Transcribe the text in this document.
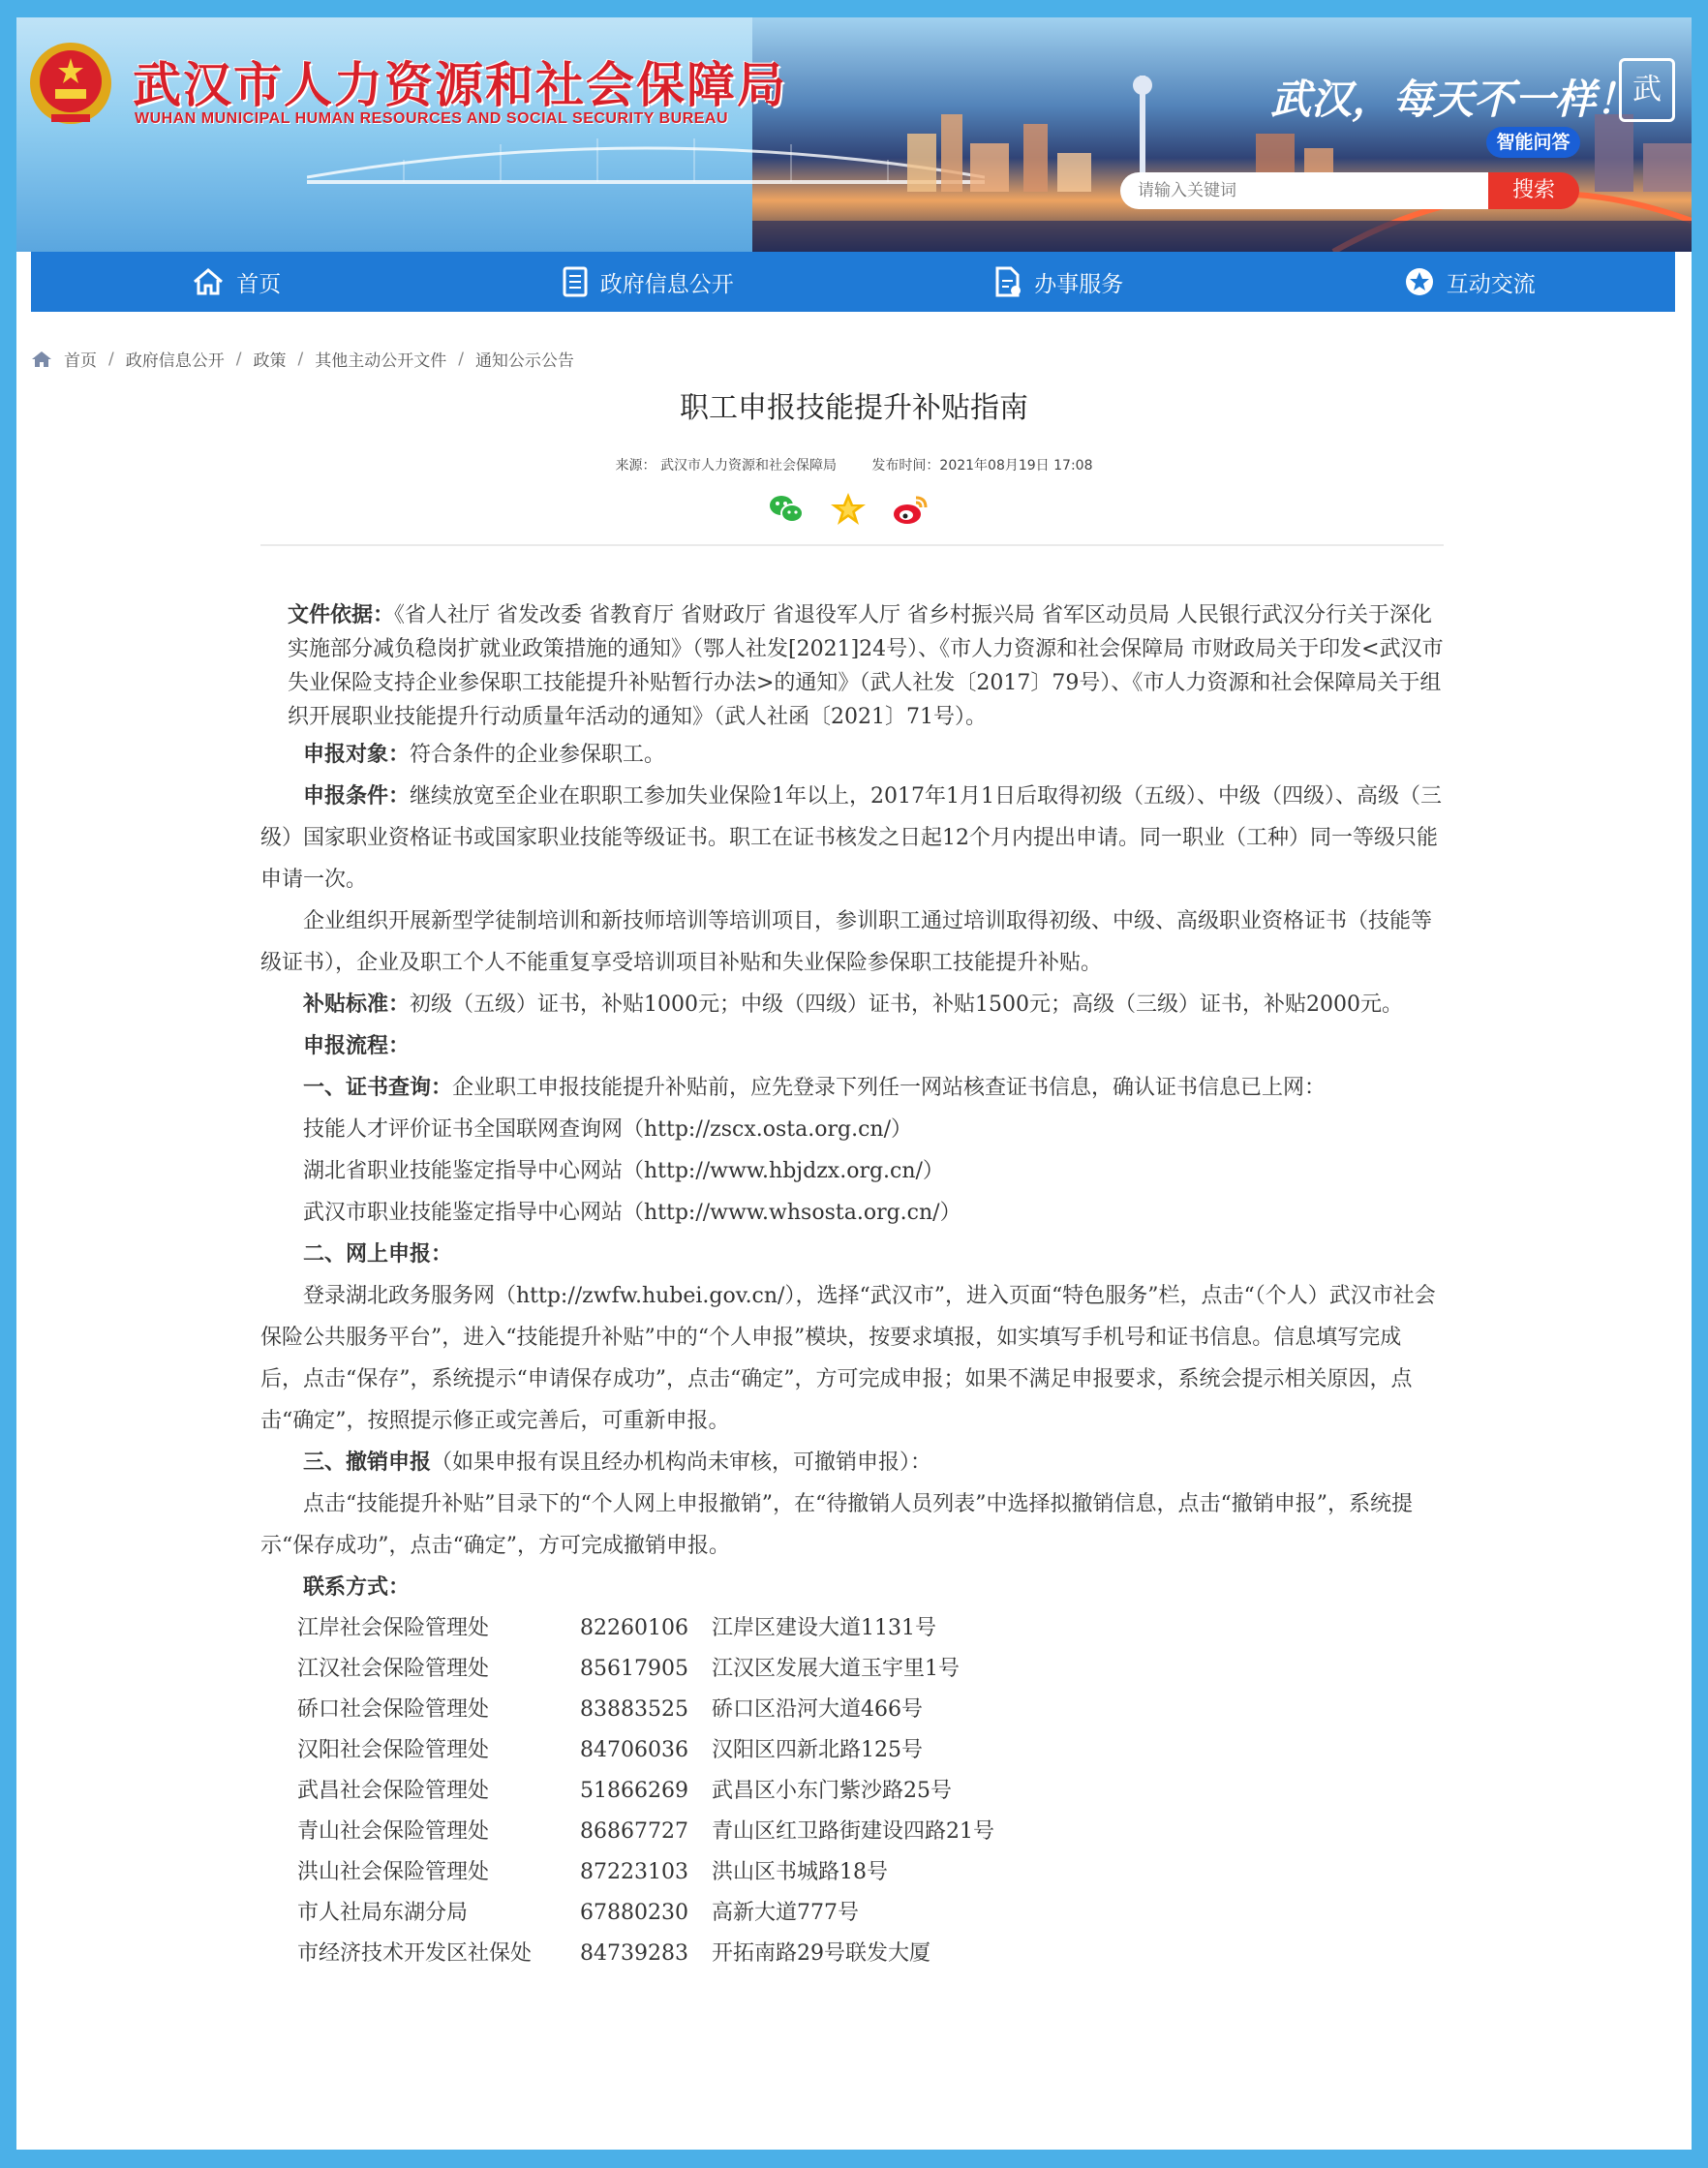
武汉市人力资源和社会保障局
WUHAN MUNICIPAL HUMAN RESOURCES AND SOCIAL SECURITY BUREAU	武汉，每天不一样！
武
智能问答
请输入关键词
搜索
首页	政府信息公开	办事服务	互动交流
首页 / 政府信息公开 / 政策 / 其他主动公开文件 / 通知公示公告
职工申报技能提升补贴指南
来源： 武汉市人力资源和社会保障局	发布时间：2021年08月19日 17:08

文件依据：《省人社厅 省发改委 省教育厅 省财政厅 省退役军人厅 省乡村振兴局 省军区动员局 人民银行武汉分行关于深化实施部分减负稳岗扩就业政策措施的通知》（鄂人社发[2021]24号）、《市人力资源和社会保障局 市财政局关于印发<武汉市失业保险支持企业参保职工技能提升补贴暂行办法>的通知》（武人社发〔2017〕79号）、《市人力资源和社会保障局关于组织开展职业技能提升行动质量年活动的通知》（武人社函〔2021〕71号）。

申报对象：符合条件的企业参保职工。

申报条件：继续放宽至企业在职职工参加失业保险1年以上，2017年1月1日后取得初级（五级）、中级（四级）、高级（三级）国家职业资格证书或国家职业技能等级证书。职工在证书核发之日起12个月内提出申请。同一职业（工种）同一等级只能申请一次。

企业组织开展新型学徒制培训和新技师培训等培训项目，参训职工通过培训取得初级、中级、高级职业资格证书（技能等级证书），企业及职工个人不能重复享受培训项目补贴和失业保险参保职工技能提升补贴。

补贴标准：初级（五级）证书，补贴1000元；中级（四级）证书，补贴1500元；高级（三级）证书，补贴2000元。

申报流程：

一、证书查询：企业职工申报技能提升补贴前，应先登录下列任一网站核查证书信息，确认证书信息已上网：

技能人才评价证书全国联网查询网（http://zscx.osta.org.cn/）

湖北省职业技能鉴定指导中心网站（http://www.hbjdzx.org.cn/）

武汉市职业技能鉴定指导中心网站（http://www.whsosta.org.cn/）

二、网上申报：

登录湖北政务服务网（http://zwfw.hubei.gov.cn/），选择“武汉市”，进入页面“特色服务”栏，点击“（个人）武汉市社会保险公共服务平台”，进入“技能提升补贴”中的“个人申报”模块，按要求填报，如实填写手机号和证书信息。信息填写完成后，点击“保存”，系统提示“申请保存成功”，点击“确定”，方可完成申报；如果不满足申报要求，系统会提示相关原因，点击“确定”，按照提示修正或完善后，可重新申报。

三、撤销申报（如果申报有误且经办机构尚未审核，可撤销申报）：

点击“技能提升补贴”目录下的“个人网上申报撤销”，在“待撤销人员列表”中选择拟撤销信息，点击“撤销申报”，系统提示“保存成功”，点击“确定”，方可完成撤销申报。

联系方式：

江岸社会保险管理处	82260106	江岸区建设大道1131号
江汉社会保险管理处	85617905	江汉区发展大道玉宇里1号
硚口社会保险管理处	83883525	硚口区沿河大道466号
汉阳社会保险管理处	84706036	汉阳区四新北路125号
武昌社会保险管理处	51866269	武昌区小东门紫沙路25号
青山社会保险管理处	86867727	青山区红卫路街建设四路21号
洪山社会保险管理处	87223103	洪山区书城路18号
市人社局东湖分局	67880230	高新大道777号
市经济技术开发区社保处	84739283	开拓南路29号联发大厦
